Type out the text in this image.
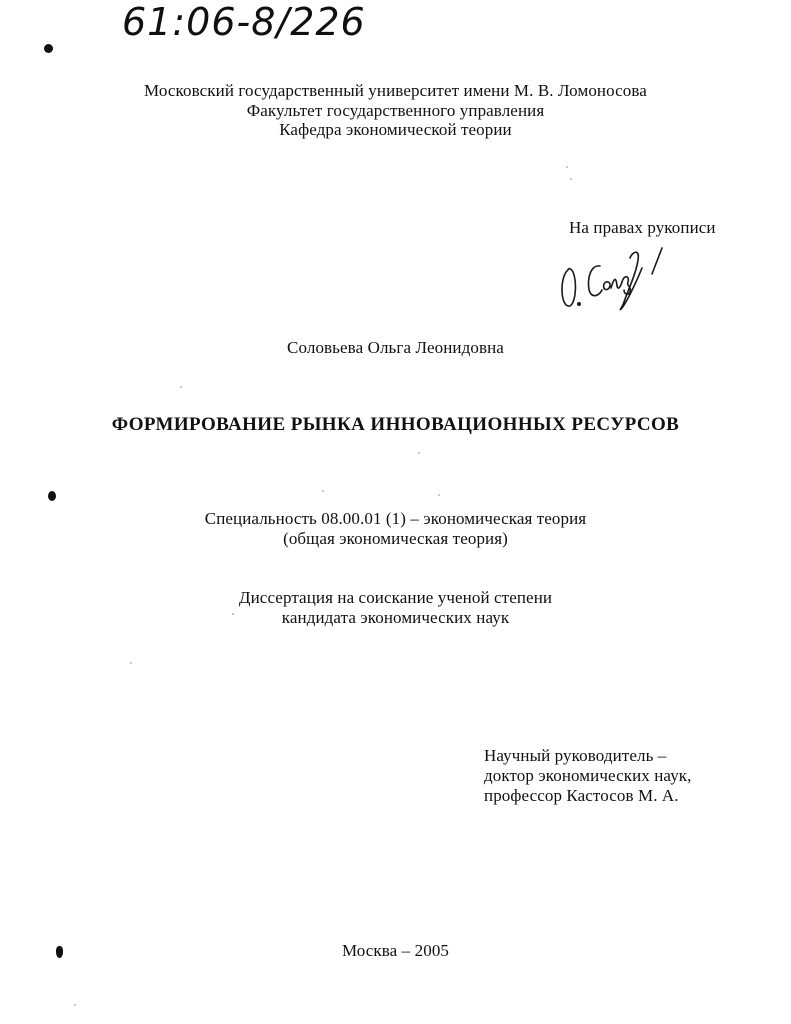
61:06-8/226
Московский государственный университет имени М. В. Ломоносова
Факультет государственного управления
Кафедра экономической теории
На правах рукописи
Соловьева Ольга Леонидовна
ФОРМИРОВАНИЕ РЫНКА ИННОВАЦИОННЫХ РЕСУРСОВ
Специальность 08.00.01 (1) – экономическая теория
(общая экономическая теория)
Диссертация на соискание ученой степени
кандидата экономических наук
Научный руководитель –
доктор экономических наук,
профессор Кастосов М. А.
Москва – 2005
